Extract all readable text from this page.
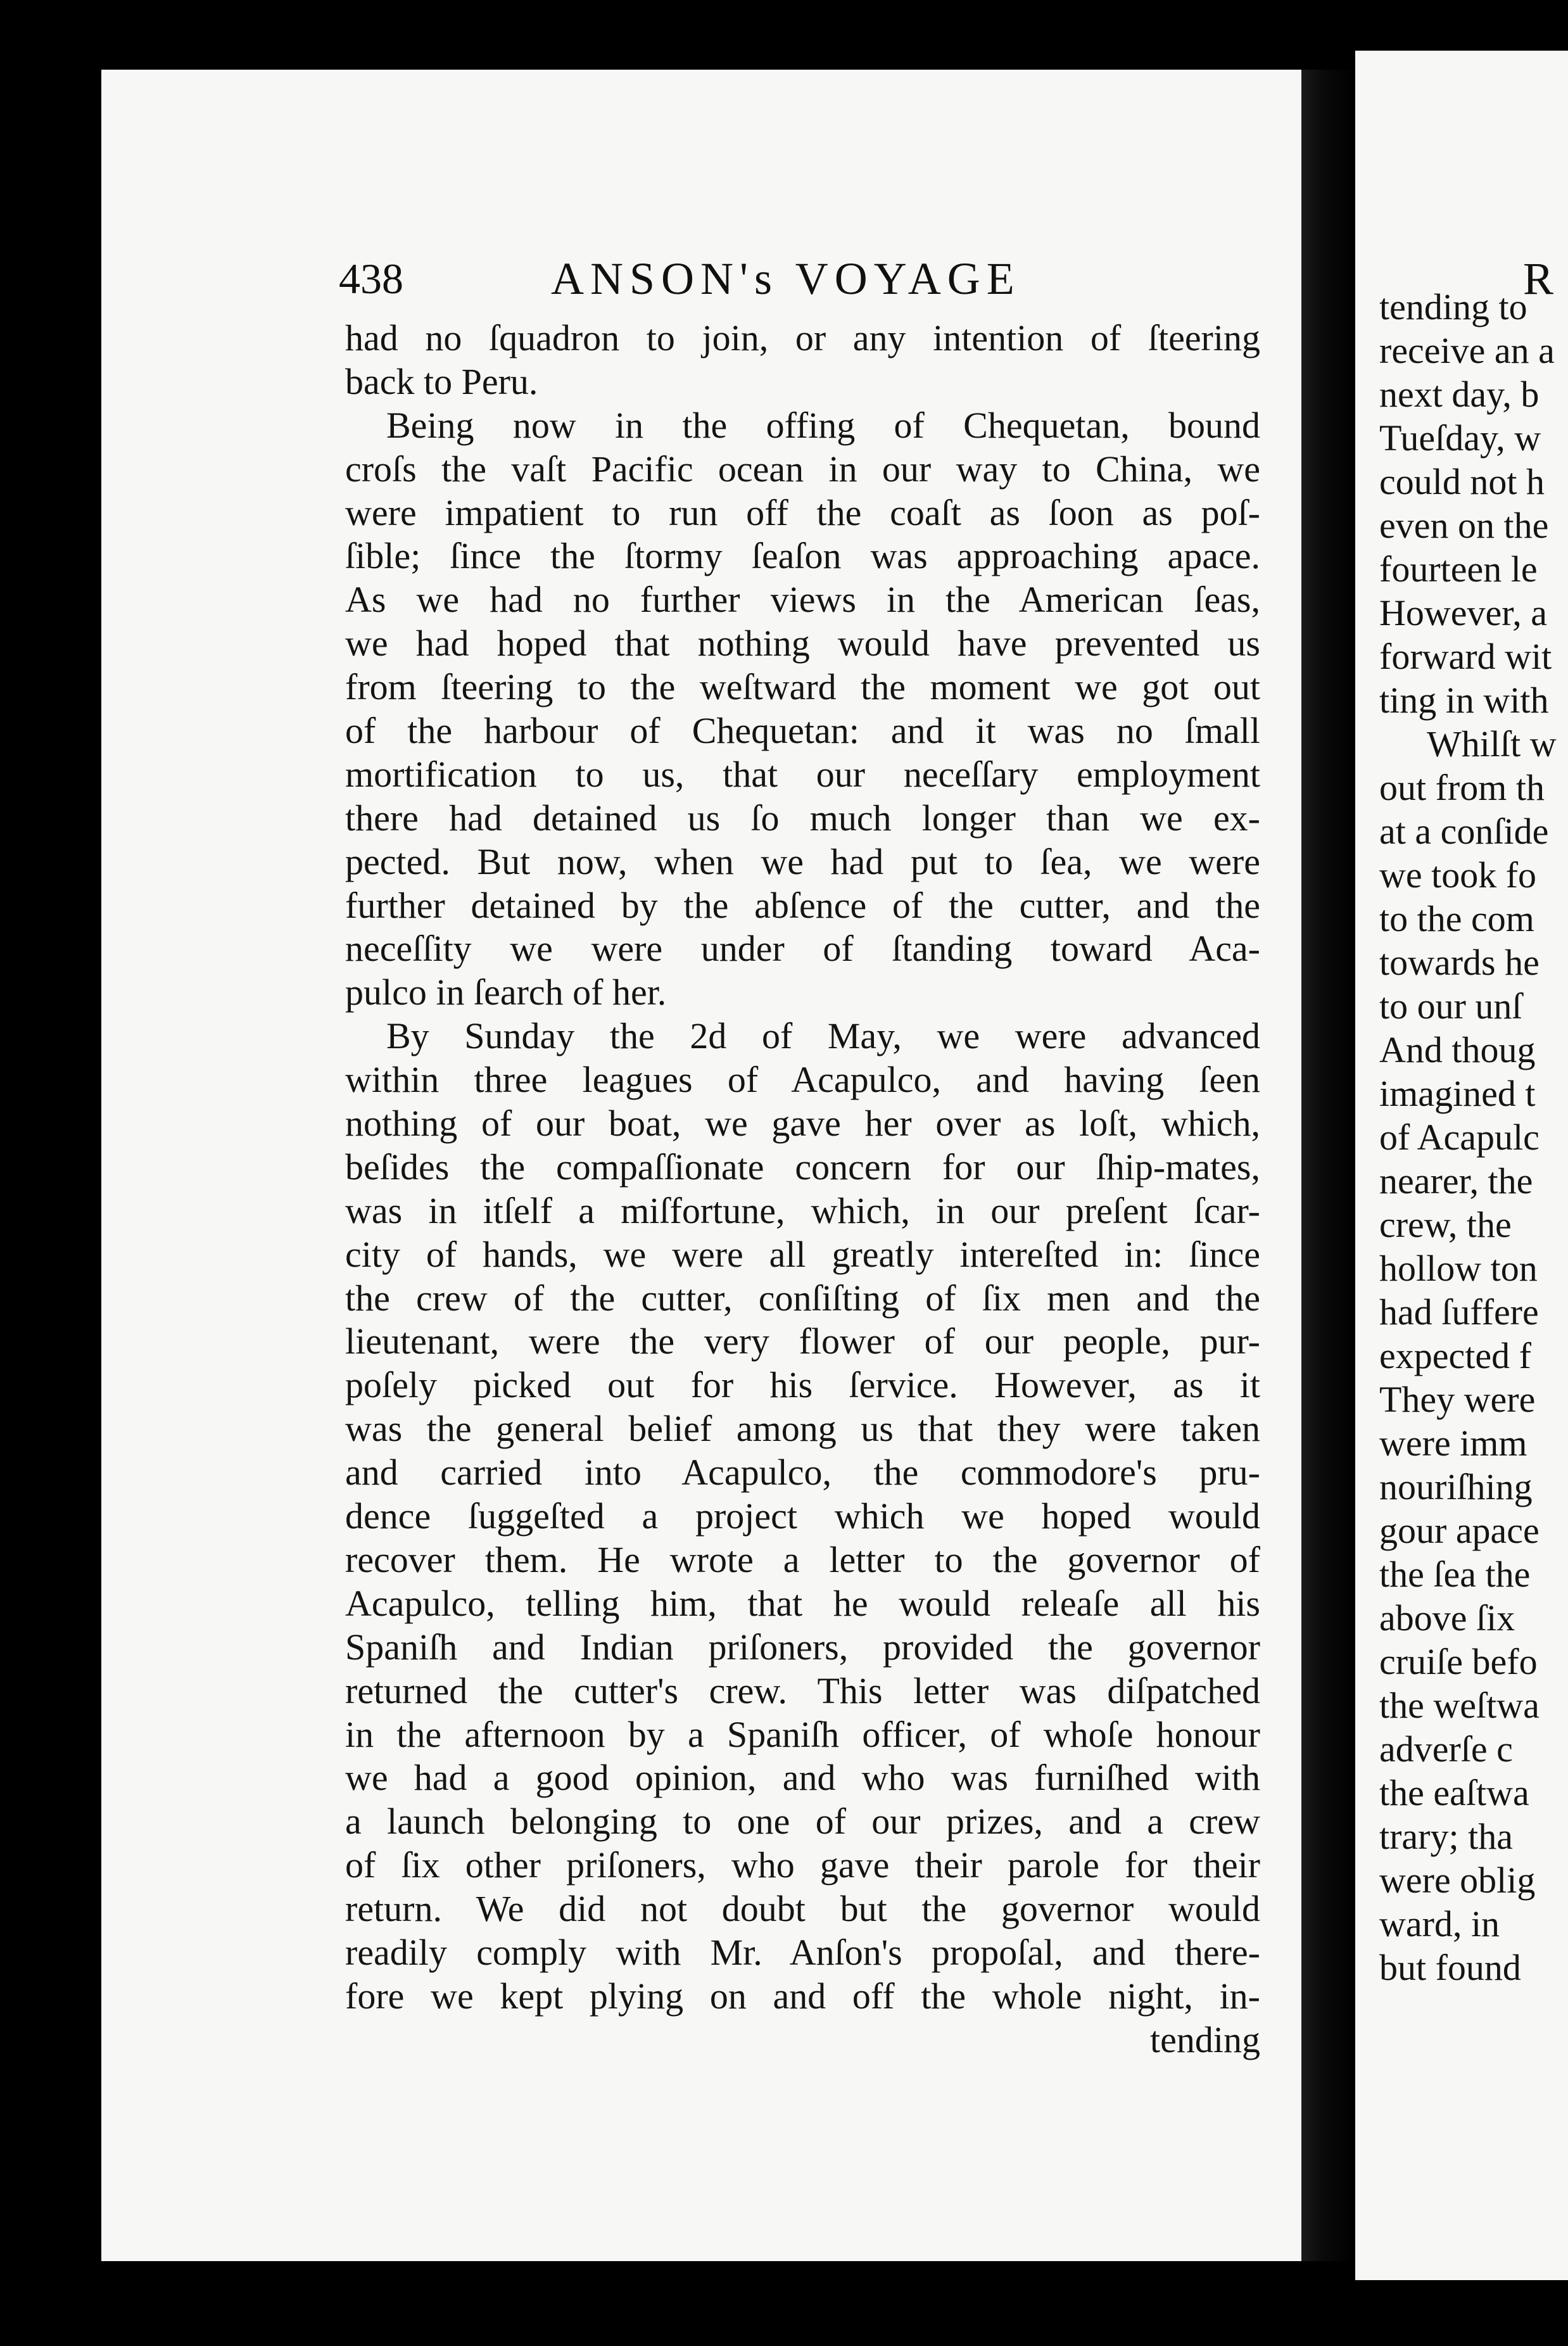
438	ANSON's VOYAGE
had no ſquadron to join, or any intention of ſteering
back to Peru.
Being now in the offing of Chequetan, bound
croſs the vaſt Pacific ocean in our way to China, we
were impatient to run off the coaſt as ſoon as poſ-
ſible; ſince the ſtormy ſeaſon was approaching apace.
As we had no further views in the American ſeas,
we had hoped that nothing would have prevented us
from ſteering to the weſtward the moment we got out
of the harbour of Chequetan: and it was no ſmall
mortification to us, that our neceſſary employment
there had detained us ſo much longer than we ex-
pected. But now, when we had put to ſea, we were
further detained by the abſence of the cutter, and the
neceſſity we were under of ſtanding toward Aca-
pulco in ſearch of her.
By Sunday the 2d of May, we were advanced
within three leagues of Acapulco, and having ſeen
nothing of our boat, we gave her over as loſt, which,
beſides the compaſſionate concern for our ſhip-mates,
was in itſelf a miſfortune, which, in our preſent ſcar-
city of hands, we were all greatly intereſted in: ſince
the crew of the cutter, conſiſting of ſix men and the
lieutenant, were the very flower of our people, pur-
poſely picked out for his ſervice. However, as it
was the general belief among us that they were taken
and carried into Acapulco, the commodore's pru-
dence ſuggeſted a project which we hoped would
recover them. He wrote a letter to the governor of
Acapulco, telling him, that he would releaſe all his
Spaniſh and Indian priſoners, provided the governor
returned the cutter's crew. This letter was diſpatched
in the afternoon by a Spaniſh officer, of whoſe honour
we had a good opinion, and who was furniſhed with
a launch belonging to one of our prizes, and a crew
of ſix other priſoners, who gave their parole for their
return. We did not doubt but the governor would
readily comply with Mr. Anſon's propoſal, and there-
fore we kept plying on and off the whole night, in-
tending
R
tending to
receive an a
next day, b
Tueſday, w
could not h
even on the
fourteen le
However, a
forward wit
ting in with
Whilſt w
out from th
at a conſide
we took fo
to the com
towards he
to our unſ
And thoug
imagined t
of Acapulc
nearer, the
crew, the
hollow ton
had ſuffere
expected f
They were
were imm
nouriſhing
gour apace
the ſea the
above ſix
cruiſe befo
the weſtwa
adverſe c
the eaſtwa
trary; tha
were oblig
ward, in
but found
